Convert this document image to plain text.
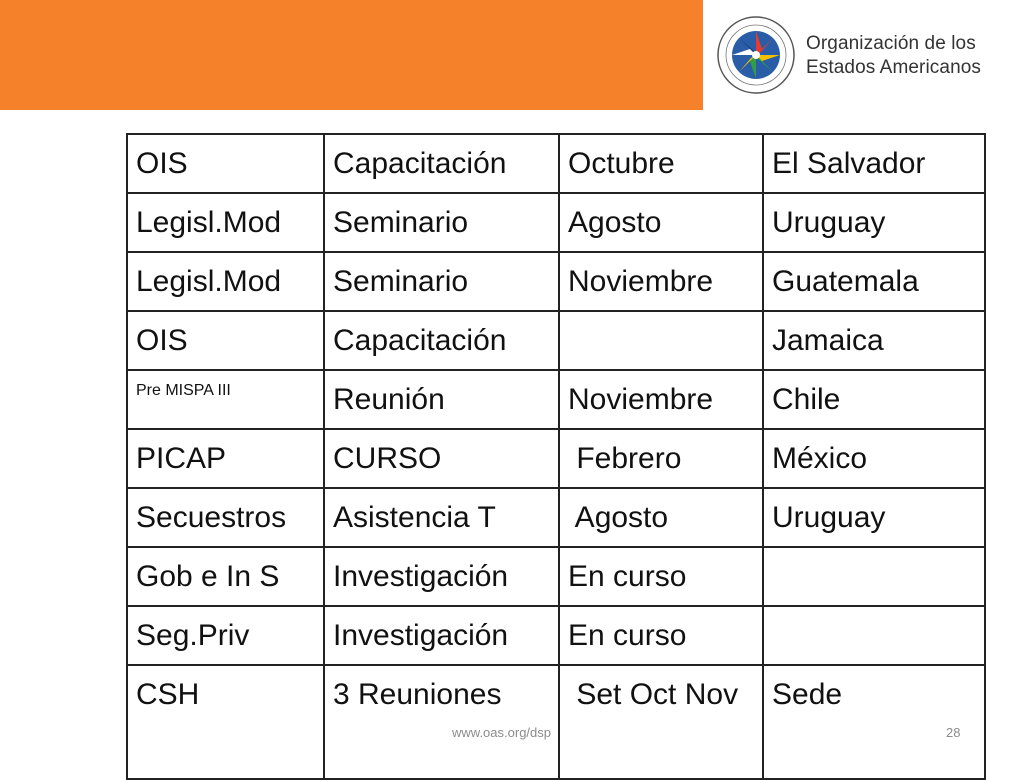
Organización de los
Estados Americanos
OIS	Capacitación	Octubre	El Salvador
Legisl.Mod	Seminario	Agosto	Uruguay
Legisl.Mod	Seminario	Noviembre	Guatemala
OIS	Capacitación		Jamaica
Pre MISPA III	Reunión	Noviembre	Chile
PICAP	CURSO	Febrero	México
Secuestros	Asistencia T	Agosto	Uruguay
Gob e In S	Investigación	En curso	
Seg.Priv	Investigación	En curso	
CSH	3 Reuniones	Set Oct Nov	Sede
www.oas.org/dsp	28
